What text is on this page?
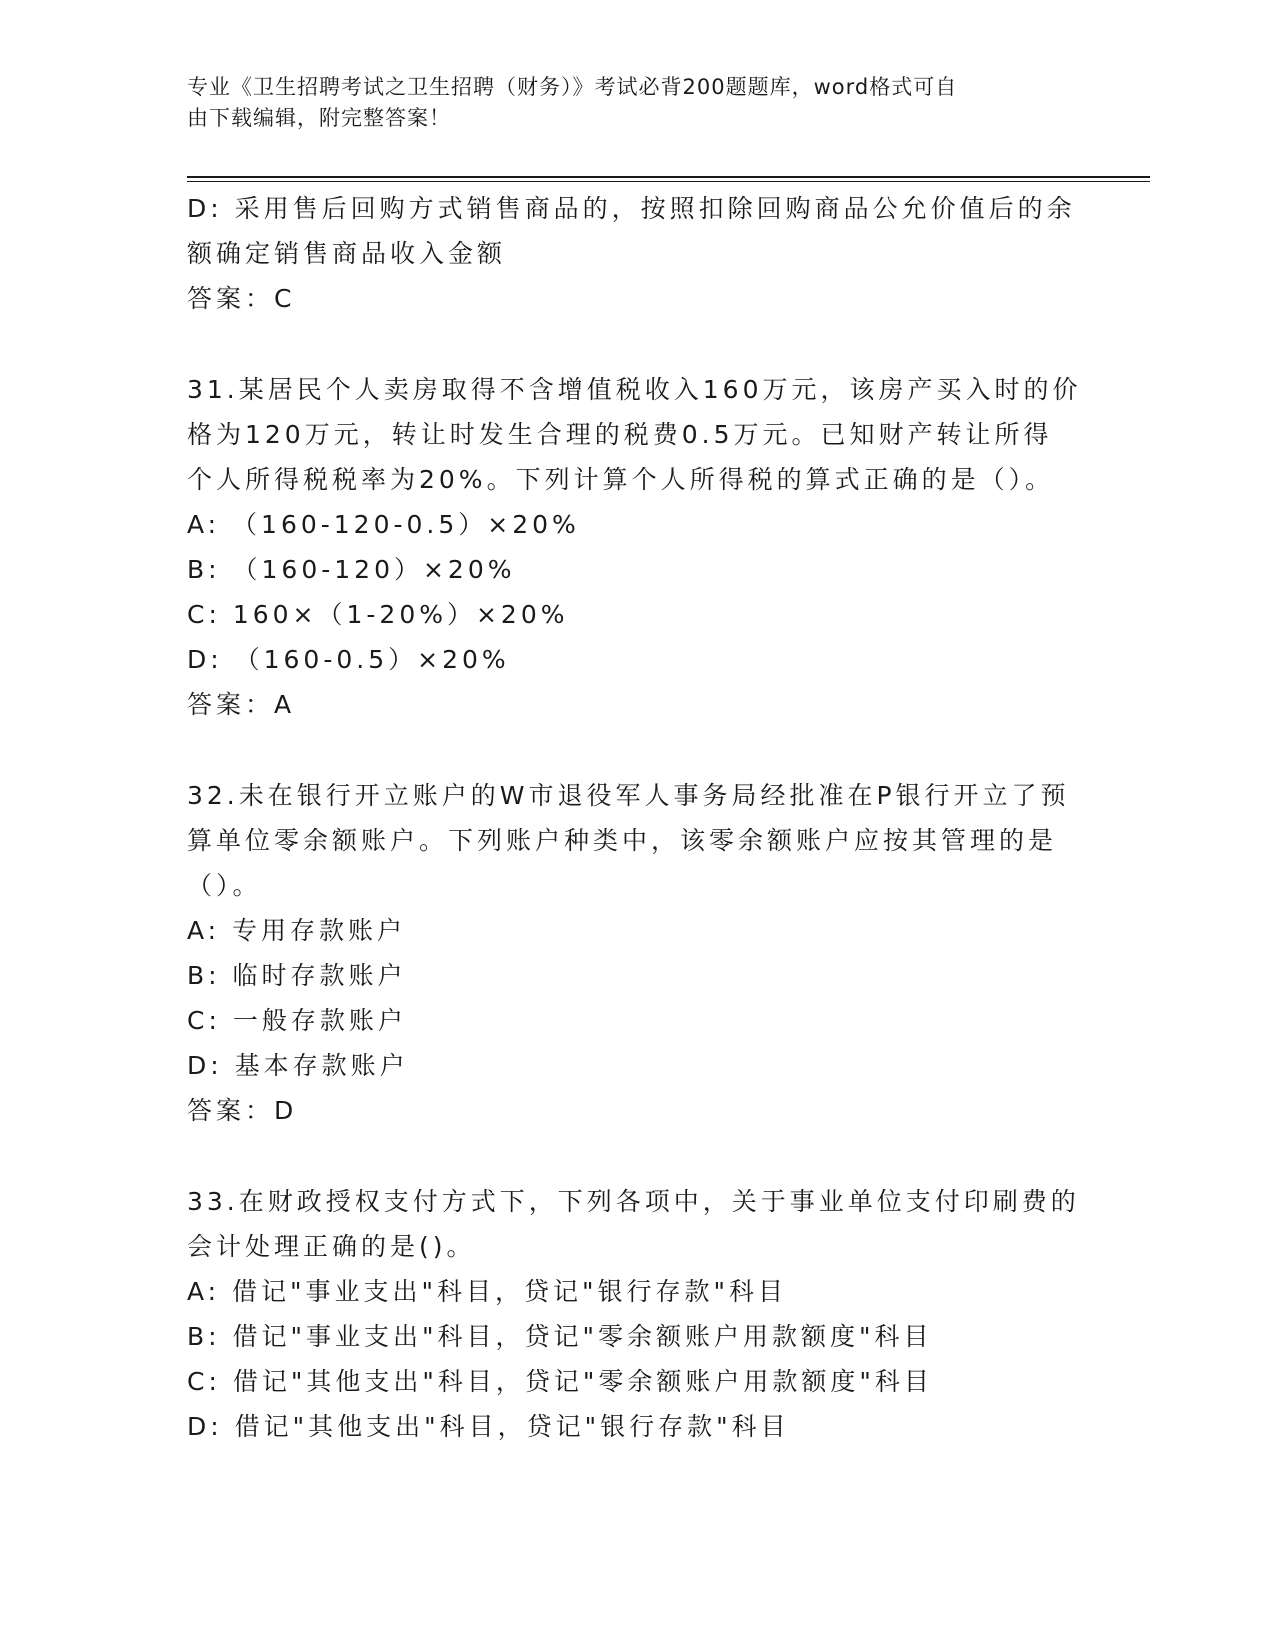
专业《卫生招聘考试之卫生招聘（财务）》考试必背200题题库，word格式可自
由下载编辑，附完整答案！
D: 采用售后回购方式销售商品的，按照扣除回购商品公允价值后的余
额确定销售商品收入金额
答案：C
31.某居民个人卖房取得不含增值税收入160万元，该房产买入时的价
格为120万元，转让时发生合理的税费0.5万元。已知财产转让所得
个人所得税税率为20%。下列计算个人所得税的算式正确的是（）。
A: （160-120-0.5）×20%
B: （160-120）×20%
C: 160×（1-20%）×20%
D: （160-0.5）×20%
答案：A
32.未在银行开立账户的W市退役军人事务局经批准在P银行开立了预
算单位零余额账户。下列账户种类中，该零余额账户应按其管理的是
（）。
A: 专用存款账户
B: 临时存款账户
C: 一般存款账户
D: 基本存款账户
答案：D
33.在财政授权支付方式下，下列各项中，关于事业单位支付印刷费的
会计处理正确的是()。
A: 借记"事业支出"科目，贷记"银行存款"科目
B: 借记"事业支出"科目，贷记"零余额账户用款额度"科目
C: 借记"其他支出"科目，贷记"零余额账户用款额度"科目
D: 借记"其他支出"科目，贷记"银行存款"科目
